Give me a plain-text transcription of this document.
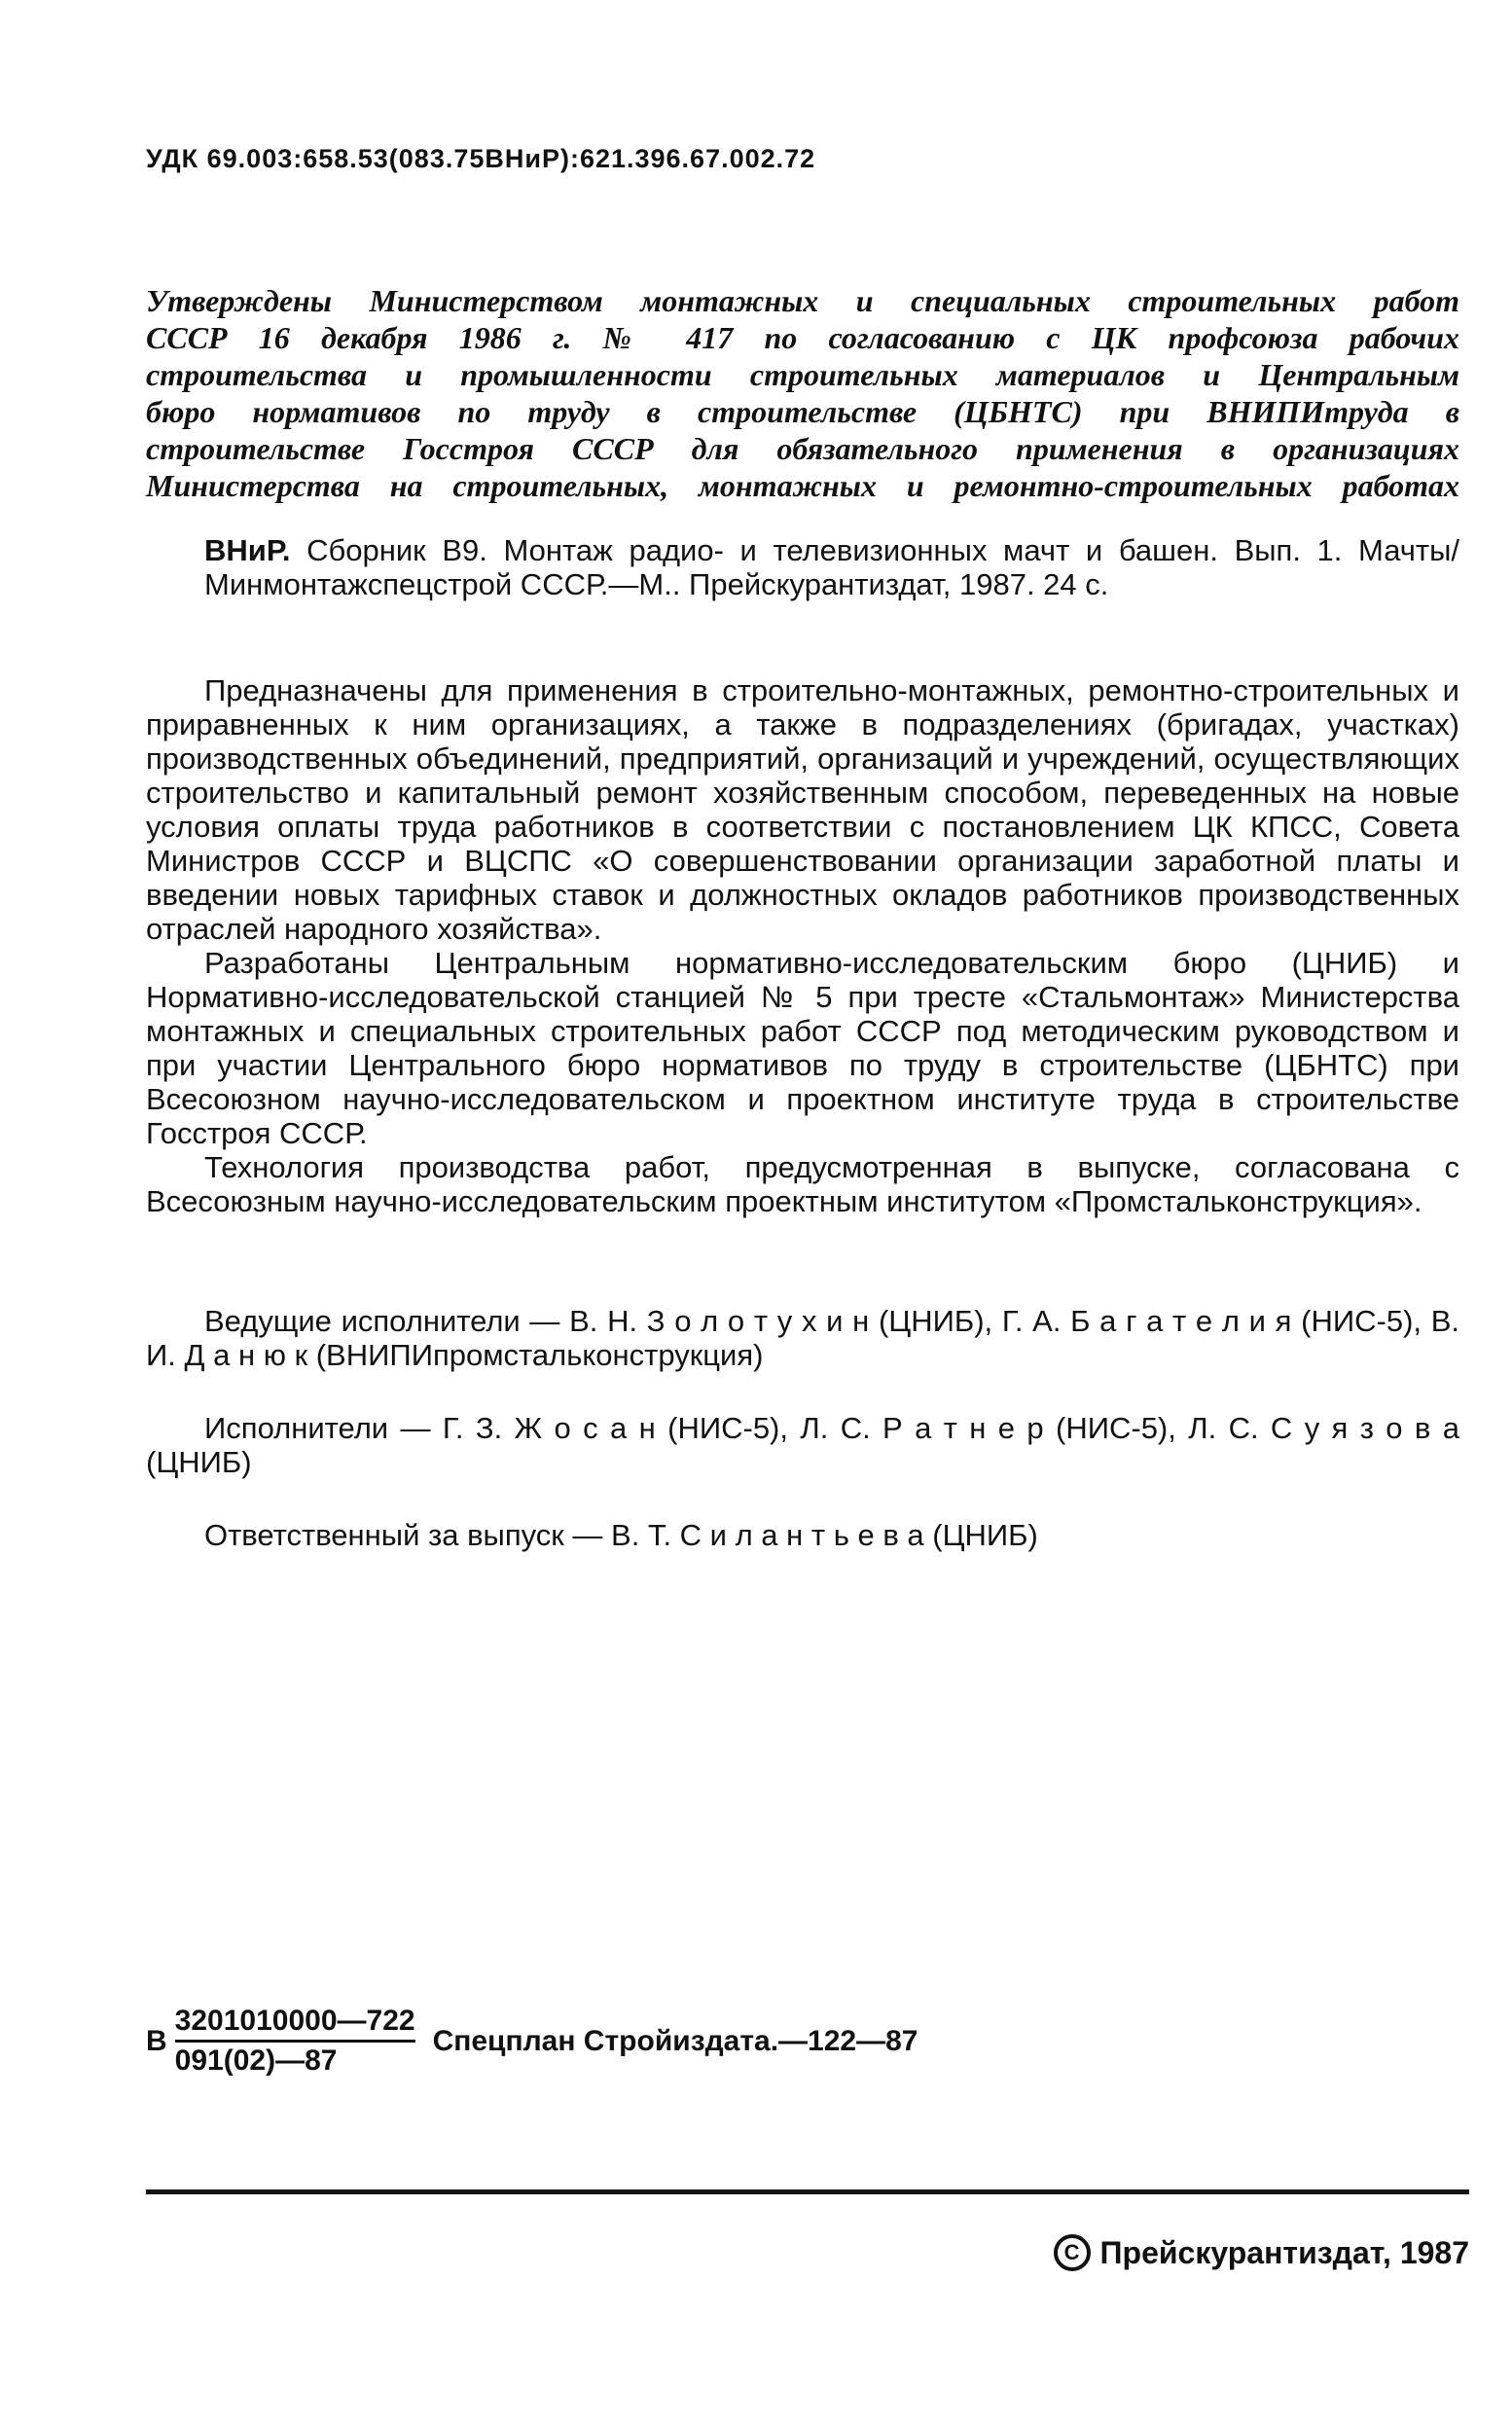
УДК 69.003:658.53(083.75ВНиР):621.396.67.002.72
Утверждены Министерством монтажных и специальных строительных работ
СССР 16 декабря 1986 г. № 417 по согласованию с ЦК профсоюза рабочих
строительства и промышленности строительных материалов и Центральным
бюро нормативов по труду в строительстве (ЦБНТС) при ВНИПИтруда в
строительстве Госстроя СССР для обязательного применения в организациях
Министерства на строительных, монтажных и ремонтно-строительных работах

ВНиР. Сборник В9. Монтаж радио- и телевизионных мачт и башен. Вып. 1. Мачты/Минмонтажспецстрой СССР.—М.. Прейскурантиздат, 1987. 24 с.

Предназначены для применения в строительно-монтажных, ремонтно-строительных и приравненных к ним организациях, а также в подразделениях (бригадах, участках) производственных объединений, предприятий, организаций и учреждений, осуществляющих строительство и капитальный ремонт хозяйственным способом, переведенных на новые условия оплаты труда работников в соответствии с постановлением ЦК КПСС, Совета Министров СССР и ВЦСПС «О совершенствовании организации заработной платы и введении новых тарифных ставок и должностных окладов работников производственных отраслей народного хозяйства».

Разработаны Центральным нормативно-исследовательским бюро (ЦНИБ) и Нормативно-исследовательской станцией № 5 при тресте «Стальмонтаж» Министерства монтажных и специальных строительных работ СССР под методическим руководством и при участии Центрального бюро нормативов по труду в строительстве (ЦБНТС) при Всесоюзном научно-исследовательском и проектном институте труда в строительстве Госстроя СССР.

Технология производства работ, предусмотренная в выпуске, согласована с Всесоюзным научно-исследовательским проектным институтом «Промстальконструкция».

Ведущие исполнители — В. Н. З о л о т у х и н (ЦНИБ), Г. А. Б а г а т е л и я (НИС-5), В. И. Д а н ю к (ВНИПИпромстальконструкция)

Исполнители — Г. З. Ж о с а н (НИС-5), Л. С. Р а т н е р (НИС-5), Л. С. С у я з о в а (ЦНИБ)

Ответственный за выпуск — В. Т. С и л а н т ь е в а (ЦНИБ)

В $\frac{3201010000—722}{091(02)—87}$ Спецплан Стройиздата.—122—87
C Прейскурантиздат, 1987
